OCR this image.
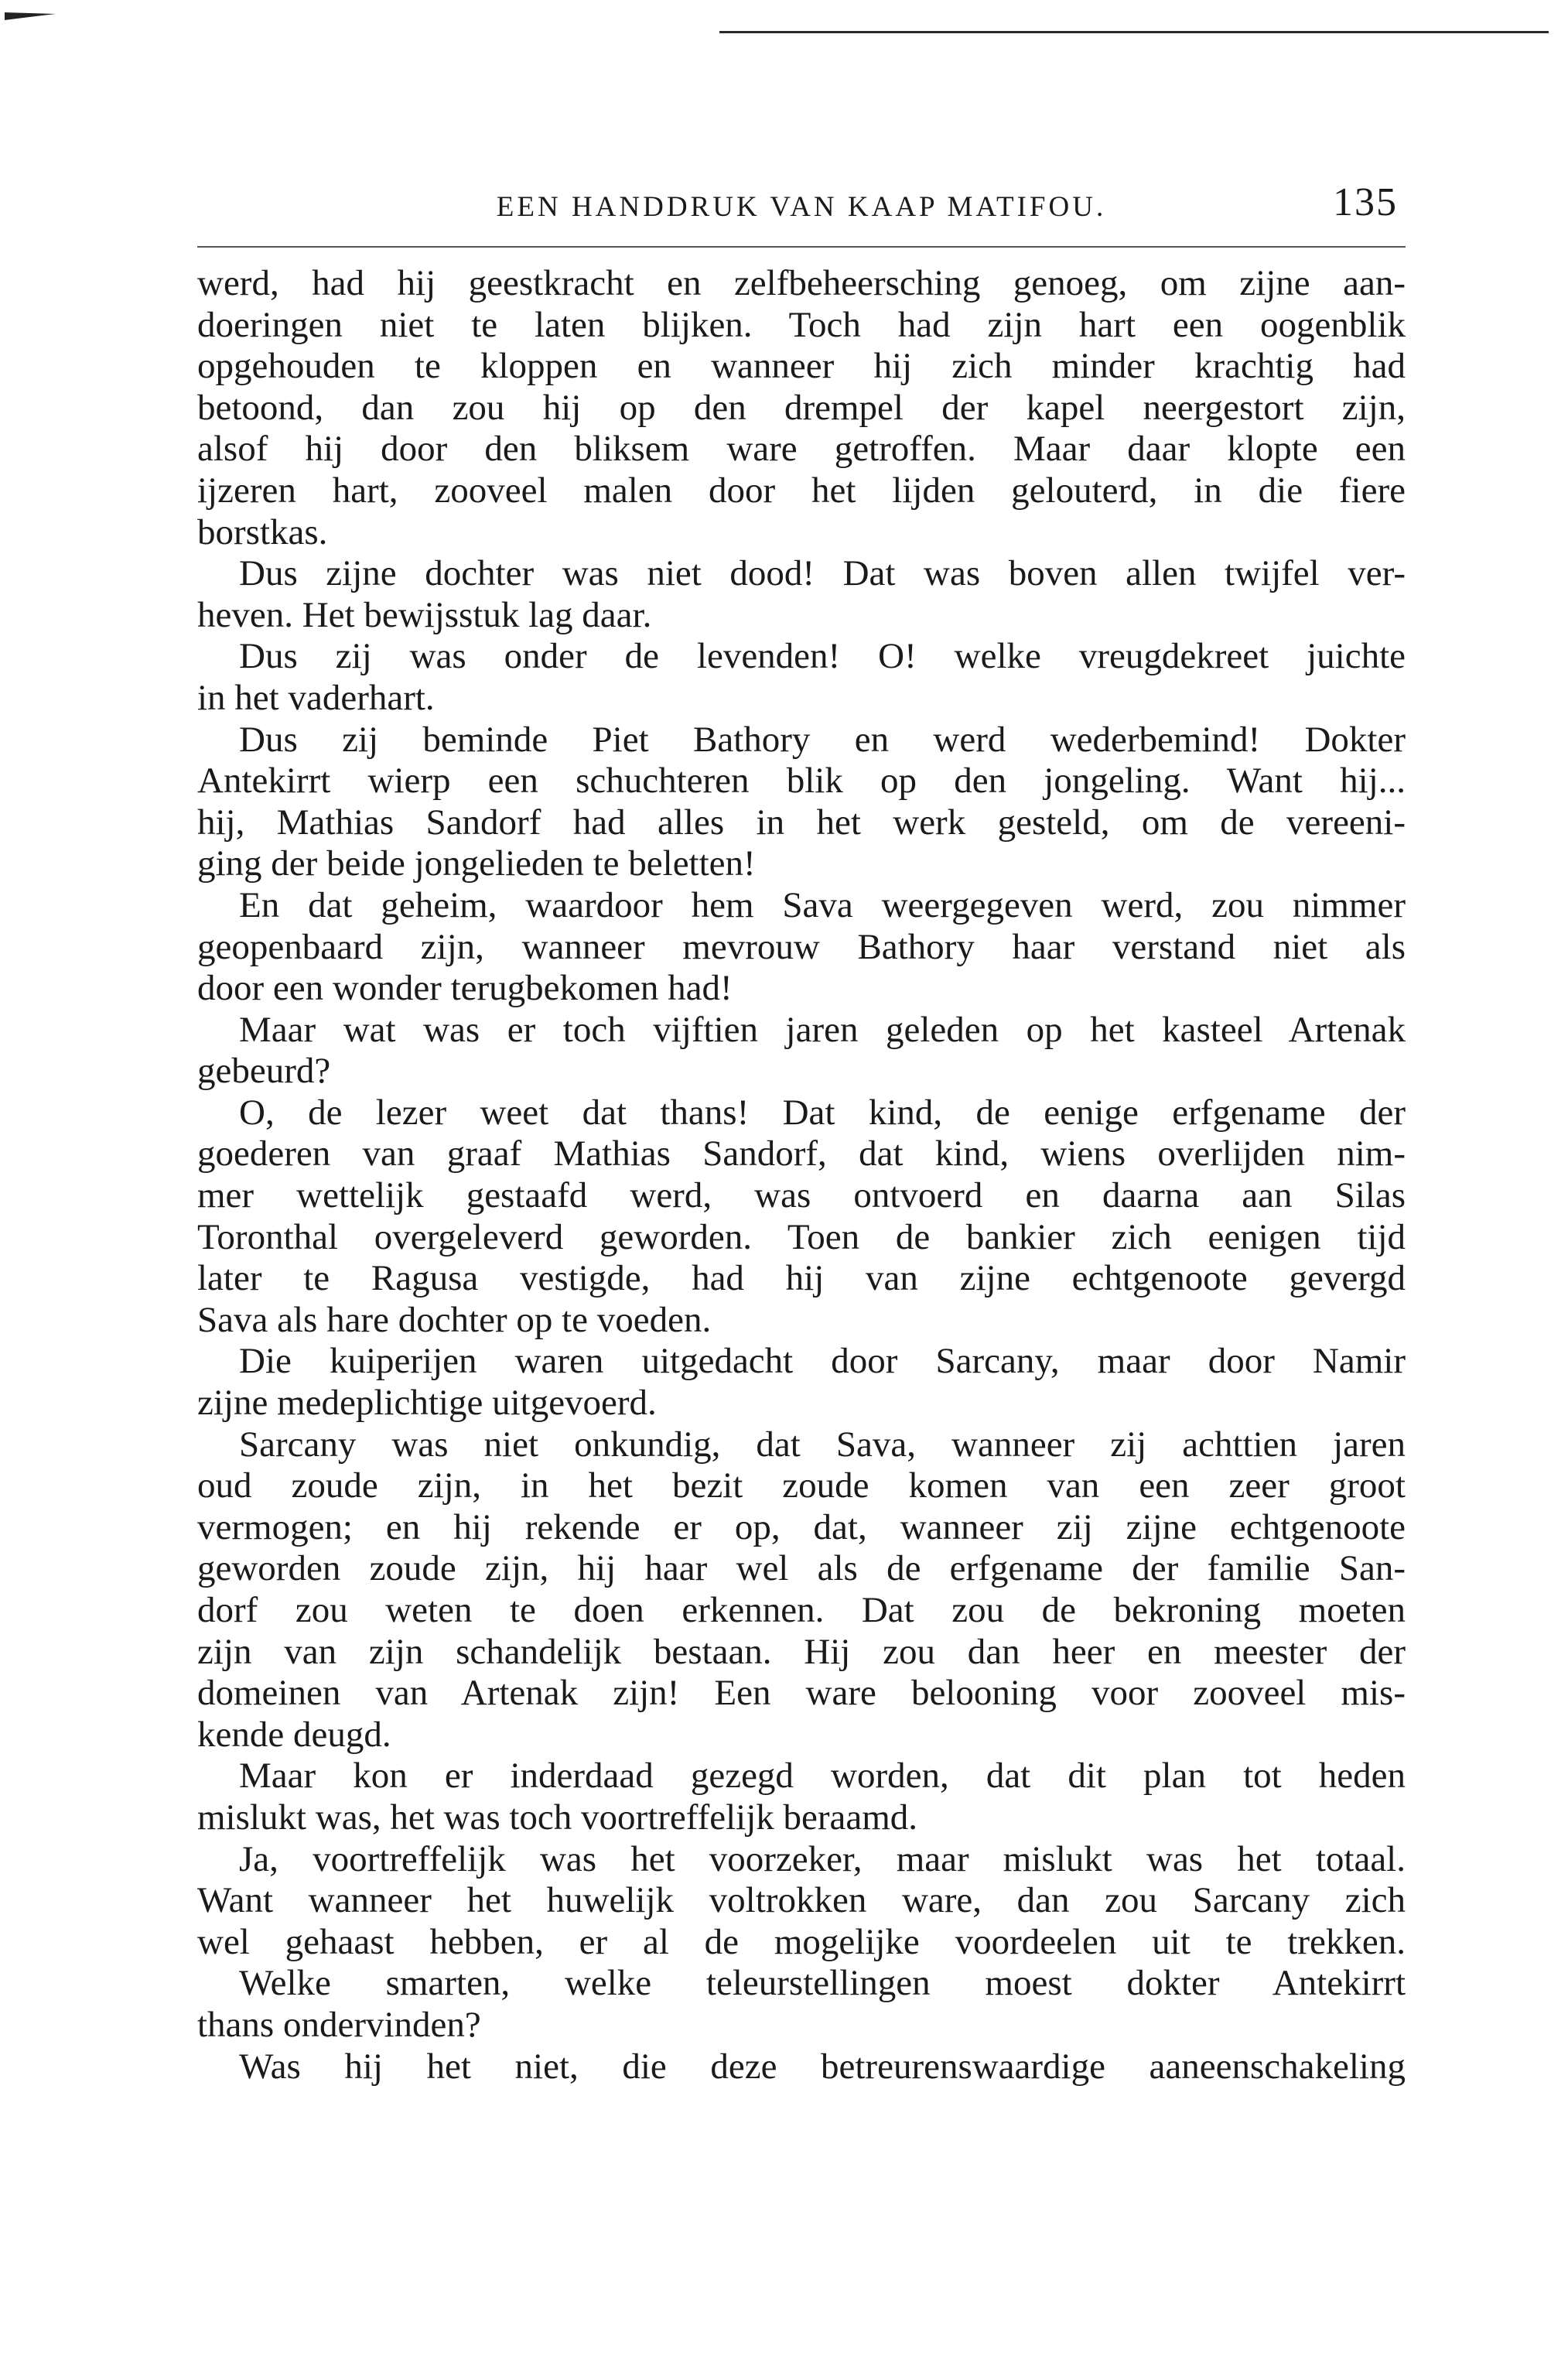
EEN HANDDRUK VAN KAAP MATIFOU.	135
werd, had hij geestkracht en zelfbeheersching genoeg, om zijne aan-
doeringen niet te laten blijken. Toch had zijn hart een oogenblik
opgehouden te kloppen en wanneer hij zich minder krachtig had
betoond, dan zou hij op den drempel der kapel neergestort zijn,
alsof hij door den bliksem ware getroffen. Maar daar klopte een
ijzeren hart, zooveel malen door het lijden gelouterd, in die fiere
borstkas.
Dus zijne dochter was niet dood! Dat was boven allen twijfel ver-
heven. Het bewijsstuk lag daar.
Dus zij was onder de levenden! O! welke vreugdekreet juichte
in het vaderhart.
Dus zij beminde Piet Bathory en werd wederbemind! Dokter
Antekirrt wierp een schuchteren blik op den jongeling. Want hij...
hij, Mathias Sandorf had alles in het werk gesteld, om de vereeni-
ging der beide jongelieden te beletten!
En dat geheim, waardoor hem Sava weergegeven werd, zou nimmer
geopenbaard zijn, wanneer mevrouw Bathory haar verstand niet als
door een wonder terugbekomen had!
Maar wat was er toch vijftien jaren geleden op het kasteel Artenak
gebeurd?
O, de lezer weet dat thans! Dat kind, de eenige erfgename der
goederen van graaf Mathias Sandorf, dat kind, wiens overlijden nim-
mer wettelijk gestaafd werd, was ontvoerd en daarna aan Silas
Toronthal overgeleverd geworden. Toen de bankier zich eenigen tijd
later te Ragusa vestigde, had hij van zijne echtgenoote gevergd
Sava als hare dochter op te voeden.
Die kuiperijen waren uitgedacht door Sarcany, maar door Namir
zijne medeplichtige uitgevoerd.
Sarcany was niet onkundig, dat Sava, wanneer zij achttien jaren
oud zoude zijn, in het bezit zoude komen van een zeer groot
vermogen; en hij rekende er op, dat, wanneer zij zijne echtgenoote
geworden zoude zijn, hij haar wel als de erfgename der familie San-
dorf zou weten te doen erkennen. Dat zou de bekroning moeten
zijn van zijn schandelijk bestaan. Hij zou dan heer en meester der
domeinen van Artenak zijn! Een ware belooning voor zooveel mis-
kende deugd.
Maar kon er inderdaad gezegd worden, dat dit plan tot heden
mislukt was, het was toch voortreffelijk beraamd.
Ja, voortreffelijk was het voorzeker, maar mislukt was het totaal.
Want wanneer het huwelijk voltrokken ware, dan zou Sarcany zich
wel gehaast hebben, er al de mogelijke voordeelen uit te trekken.
Welke smarten, welke teleurstellingen moest dokter Antekirrt
thans ondervinden?
Was hij het niet, die deze betreurenswaardige aaneenschakeling
